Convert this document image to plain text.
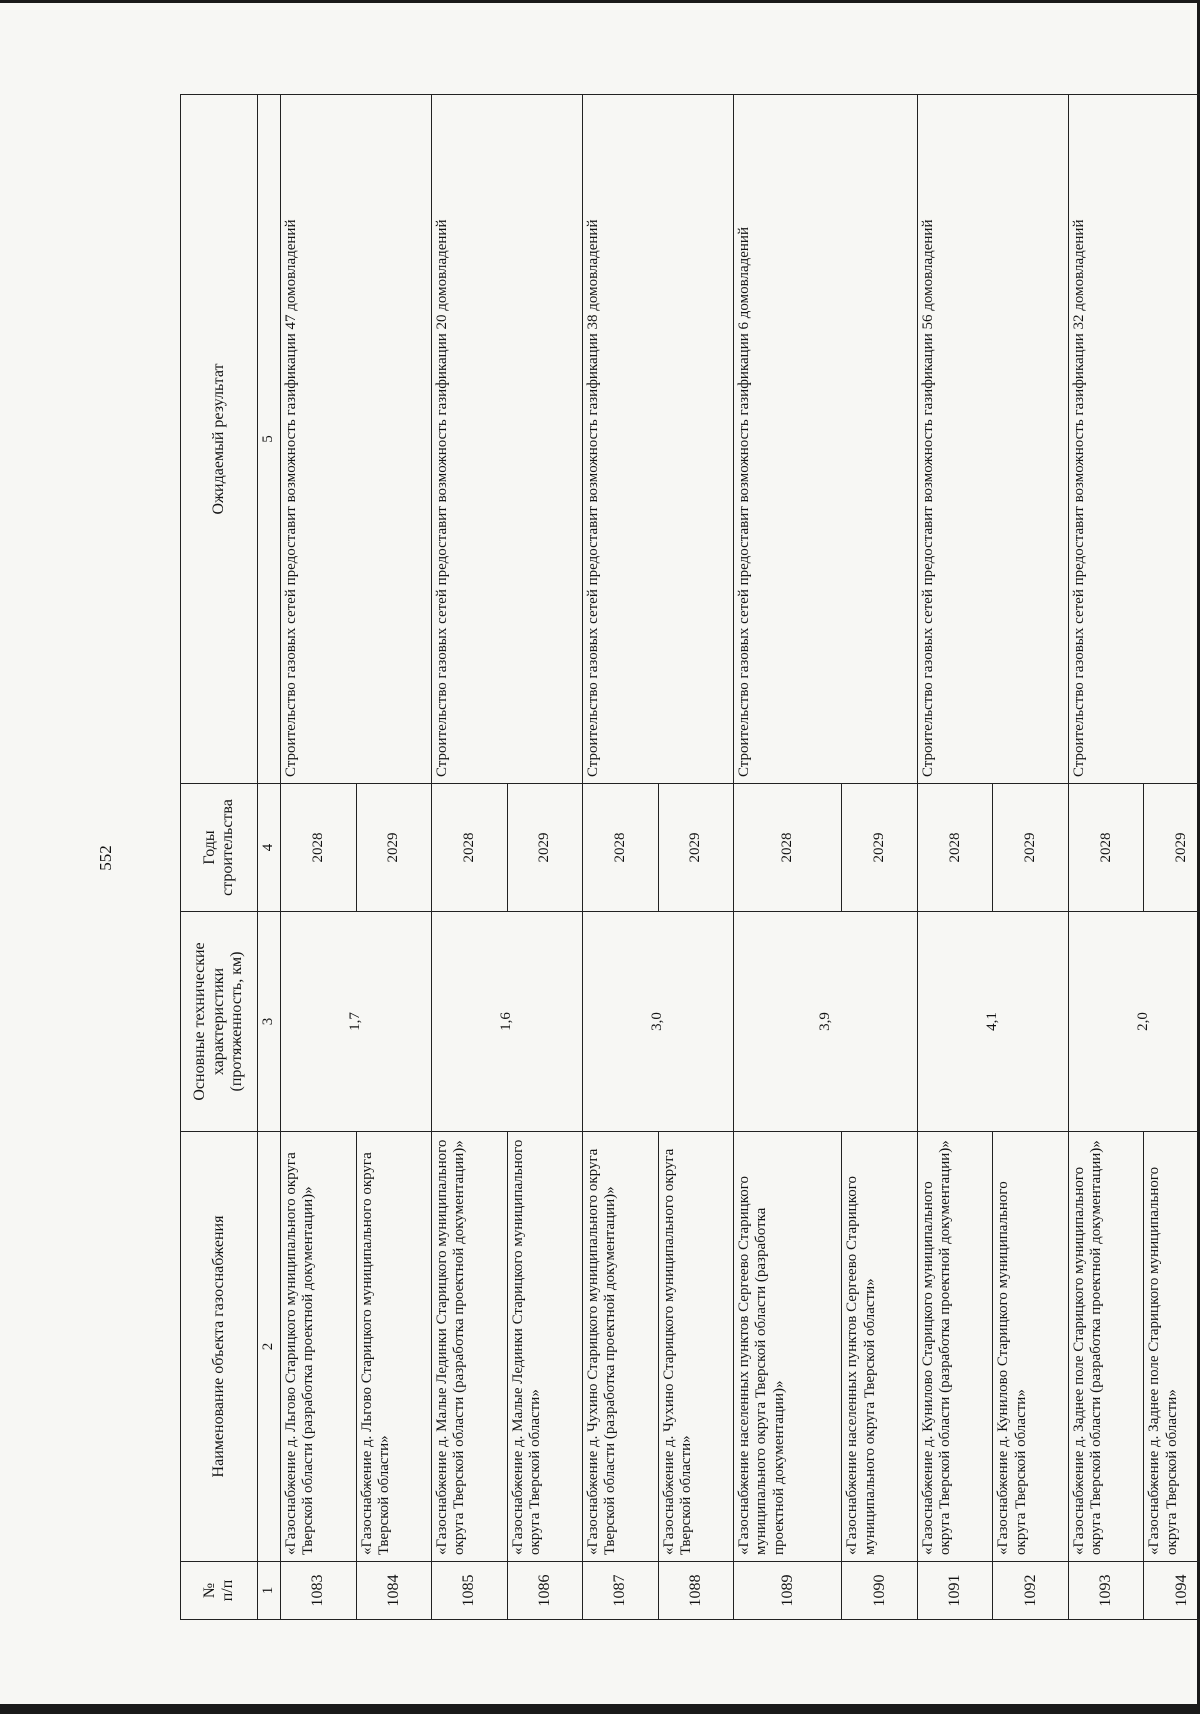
552
№
п/п	Наименование объекта газоснабжения	Основные технические характеристики (протяженность, км)	Годы строительства	Ожидаемый результат
1	2	3	4	5
1083	«Газоснабжение д. Льгово Старицкого муниципального округа Тверской области (разработка проектной документации)»	1,7	2028	Строительство газовых сетей предоставит возможность газификации 47 домовладений
1084	«Газоснабжение д. Льгово Старицкого муниципального округа Тверской области»		2029	
1085	«Газоснабжение д. Малые Лединки Старицкого муниципального округа Тверской области (разработка проектной документации)»	1,6	2028	Строительство газовых сетей предоставит возможность газификации 20 домовладений
1086	«Газоснабжение д. Малые Лединки Старицкого муниципального округа Тверской области»		2029	
1087	«Газоснабжение д. Чухино Старицкого муниципального округа Тверской области (разработка проектной документации)»	3,0	2028	Строительство газовых сетей предоставит возможность газификации 38 домовладений
1088	«Газоснабжение д. Чухино Старицкого муниципального округа Тверской области»		2029	
1089	«Газоснабжение населенных пунктов Сергеево Старицкого муниципального округа Тверской области (разработка проектной документации)»	3,9	2028	Строительство газовых сетей предоставит возможность газификации 6 домовладений
1090	«Газоснабжение населенных пунктов Сергеево Старицкого муниципального округа Тверской области»		2029	
1091	«Газоснабжение д. Кунилово Старицкого муниципального округа Тверской области (разработка проектной документации)»	4,1	2028	Строительство газовых сетей предоставит возможность газификации 56 домовладений
1092	«Газоснабжение д. Кунилово Старицкого муниципального округа Тверской области»		2029	
1093	«Газоснабжение д. Заднее поле Старицкого муниципального округа Тверской области (разработка проектной документации)»	2,0	2028	Строительство газовых сетей предоставит возможность газификации 32 домовладений
1094	«Газоснабжение д. Заднее поле Старицкого муниципального округа Тверской области»		2029	
